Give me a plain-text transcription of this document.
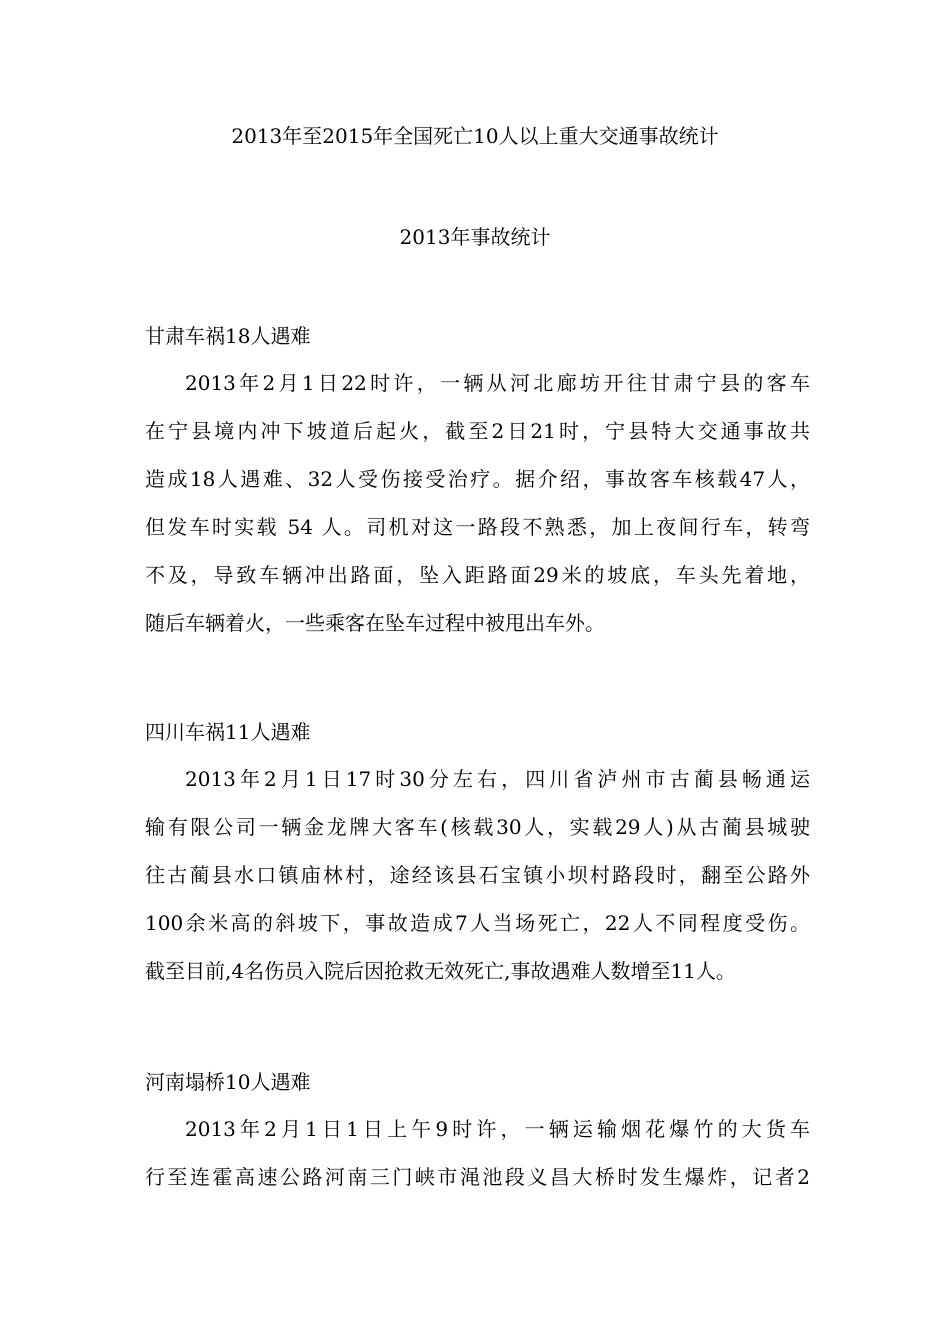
2013年至2015年全国死亡10人以上重大交通事故统计
2013年事故统计
甘肃车祸18人遇难
2013年2月1日22时许，一辆从河北廊坊开往甘肃宁县的客车
在宁县境内冲下坡道后起火，截至2日21时，宁县特大交通事故共
造成18人遇难、32人受伤接受治疗。据介绍，事故客车核载47人，
但发车时实载 54 人。司机对这一路段不熟悉，加上夜间行车，转弯
不及，导致车辆冲出路面，坠入距路面29米的坡底，车头先着地，
随后车辆着火，一些乘客在坠车过程中被甩出车外。
四川车祸11人遇难
2013年2月1日17时30分左右，四川省泸州市古蔺县畅通运
输有限公司一辆金龙牌大客车(核载30人，实载29人)从古蔺县城驶
往古蔺县水口镇庙林村，途经该县石宝镇小坝村路段时，翻至公路外
100余米高的斜坡下，事故造成7人当场死亡，22人不同程度受伤。
截至目前,4名伤员入院后因抢救无效死亡,事故遇难人数增至11人。
河南塌桥10人遇难
2013年2月1日1日上午9时许，一辆运输烟花爆竹的大货车
行至连霍高速公路河南三门峡市渑池段义昌大桥时发生爆炸，记者2
